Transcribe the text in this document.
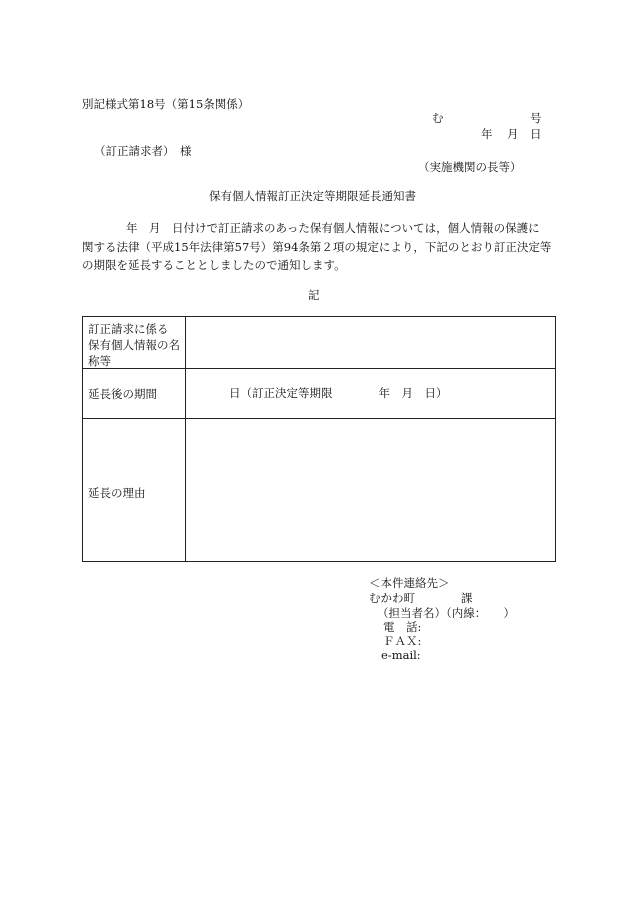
別記様式第18号（第15条関係）
む	号
年 月 日
（訂正請求者） 様
（実施機関の長等）
保有個人情報訂正決定等期限延長通知書
年　月　日付けで訂正請求のあった保有個人情報については，個人情報の保護に
関する法律（平成15年法律第57号）第94条第２項の規定により，下記のとおり訂正決定等
の期限を延長することとしましたので通知します。
記
訂正請求に係る
保有個人情報の名
称等
延長後の期間	日（訂正決定等期限　　　　年　月　日）
延長の理由
＜本件連絡先＞
むかわ町　　　　課
（担当者名）（内線：　　）
電　話:
ＦＡＸ:
e-mail:
